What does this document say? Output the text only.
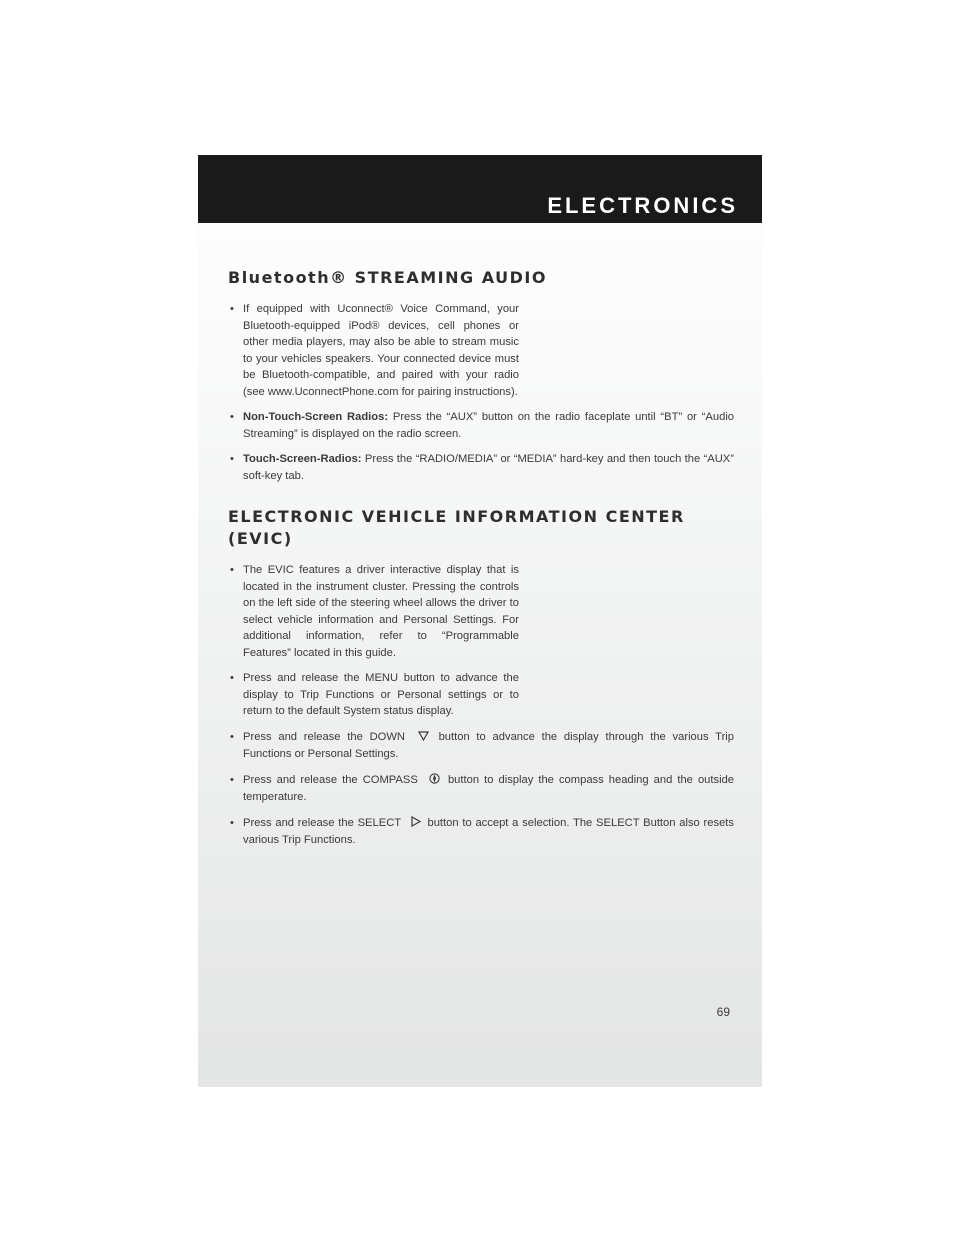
ELECTRONICS
Bluetooth® STREAMING AUDIO
• If equipped with Uconnect® Voice Command, your Bluetooth-equipped iPod® devices, cell phones or other media players, may also be able to stream music to your vehicles speakers. Your connected device must be Bluetooth-compatible, and paired with your radio (see www.UconnectPhone.com for pairing instructions).
• Non-Touch-Screen Radios: Press the “AUX” button on the radio faceplate until “BT” or “Audio Streaming” is displayed on the radio screen.
• Touch-Screen-Radios: Press the “RADIO/MEDIA” or “MEDIA” hard-key and then touch the “AUX” soft-key tab.
ELECTRONIC VEHICLE INFORMATION CENTER (EVIC)
• The EVIC features a driver interactive display that is located in the instrument cluster. Pressing the controls on the left side of the steering wheel allows the driver to select vehicle information and Personal Settings. For additional information, refer to “Programmable Features” located in this guide.
• Press and release the MENU button to advance the display to Trip Functions or Personal settings or to return to the default System status display.
• Press and release the DOWN	button to advance the display through the various Trip Functions or Personal Settings.
• Press and release the COMPASS	button to display the compass heading and the outside temperature.
• Press and release the SELECT button to accept a selection. The SELECT Button also resets various Trip Functions.
69
